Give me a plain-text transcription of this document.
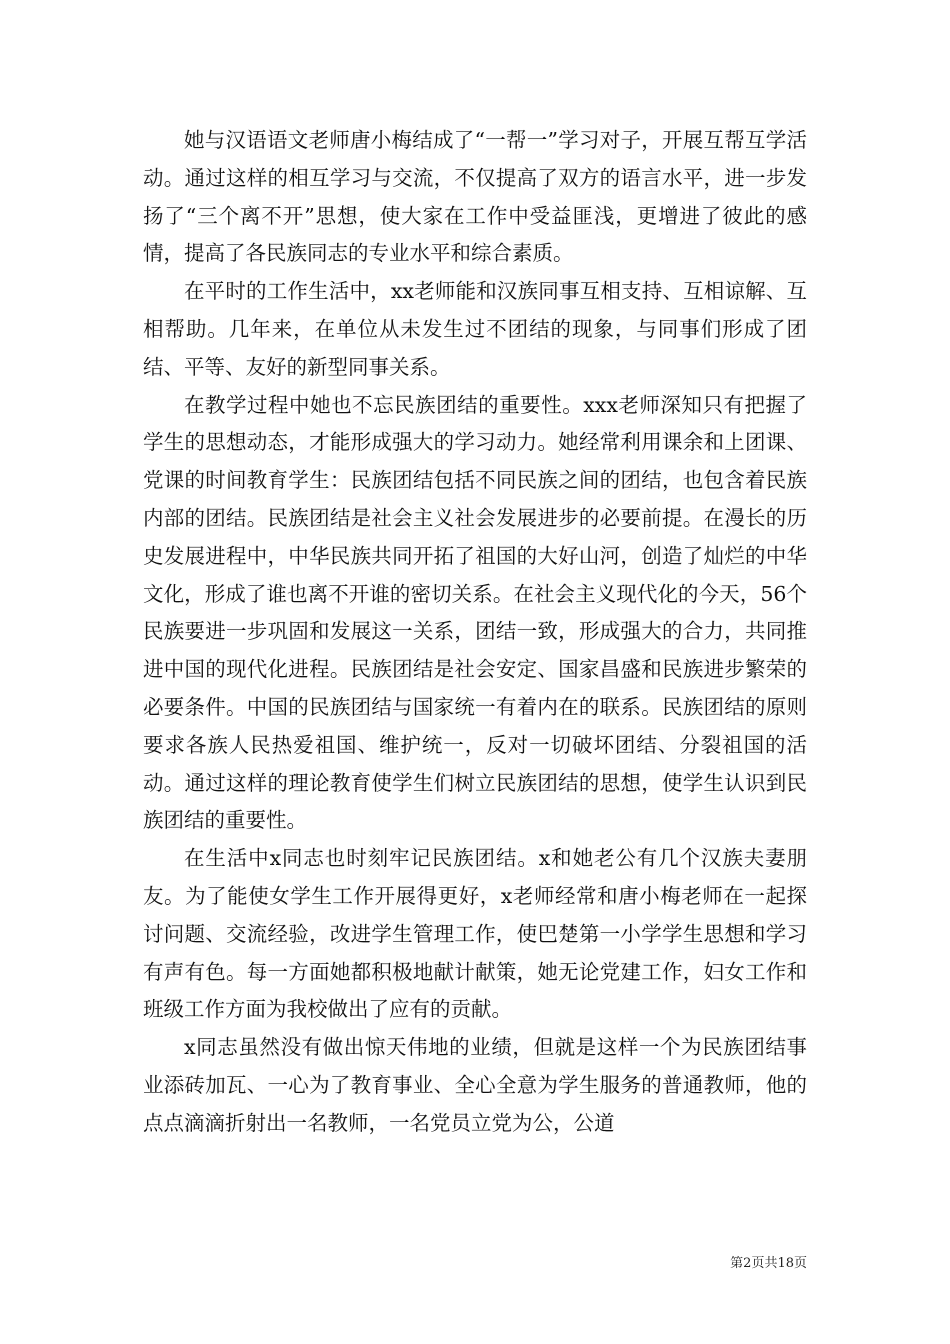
她与汉语语文老师唐小梅结成了“一帮一”学习对子，开展互帮互学活动。通过这样的相互学习与交流，不仅提高了双方的语言水平，进一步发扬了“三个离不开”思想，使大家在工作中受益匪浅，更增进了彼此的感情，提高了各民族同志的专业水平和综合素质。

在平时的工作生活中，xx老师能和汉族同事互相支持、互相谅解、互相帮助。几年来，在单位从未发生过不团结的现象，与同事们形成了团结、平等、友好的新型同事关系。

在教学过程中她也不忘民族团结的重要性。xxx老师深知只有把握了学生的思想动态，才能形成强大的学习动力。她经常利用课余和上团课、党课的时间教育学生：民族团结包括不同民族之间的团结，也包含着民族内部的团结。民族团结是社会主义社会发展进步的必要前提。在漫长的历史发展进程中，中华民族共同开拓了祖国的大好山河，创造了灿烂的中华文化，形成了谁也离不开谁的密切关系。在社会主义现代化的今天，56个民族要进一步巩固和发展这一关系，团结一致，形成强大的合力，共同推进中国的现代化进程。民族团结是社会安定、国家昌盛和民族进步繁荣的必要条件。中国的民族团结与国家统一有着内在的联系。民族团结的原则要求各族人民热爱祖国、维护统一，反对一切破坏团结、分裂祖国的活动。通过这样的理论教育使学生们树立民族团结的思想，使学生认识到民族团结的重要性。

在生活中x同志也时刻牢记民族团结。x和她老公有几个汉族夫妻朋友。为了能使女学生工作开展得更好，x老师经常和唐小梅老师在一起探讨问题、交流经验，改进学生管理工作，使巴楚第一小学学生思想和学习有声有色。每一方面她都积极地献计献策，她无论党建工作，妇女工作和班级工作方面为我校做出了应有的贡献。

x同志虽然没有做出惊天伟地的业绩，但就是这样一个为民族团结事业添砖加瓦、一心为了教育事业、全心全意为学生服务的普通教师，他的点点滴滴折射出一名教师，一名党员立党为公，公道

第2页共18页
